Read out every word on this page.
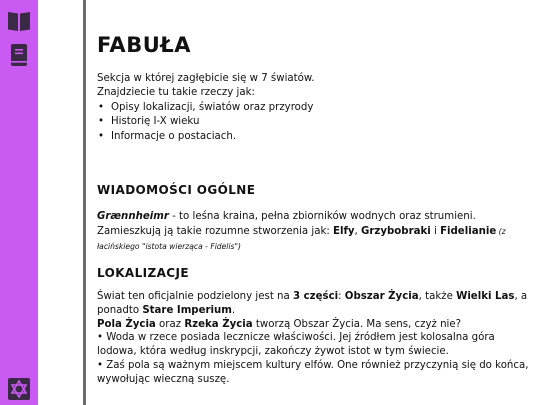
FABUŁA
Sekcja w której zagłębicie się w 7 światów.
Znajdziecie tu takie rzeczy jak:
• Opisy lokalizacji, światów oraz przyrody
• Historię I-X wieku
• Informacje o postaciach.
WIADOMOŚCI OGÓLNE
Grænnheimr - to leśna kraina, pełna zbiorników wodnych oraz strumieni. Zamieszkują ją takie rozumne stworzenia jak: Elfy, Grzybobraki i Fidelianie (z łacińskiego "istota wierząca - Fidelis")
LOKALIZACJE
Świat ten oficjalnie podzielony jest na 3 części: Obszar Życia, także Wielki Las, a ponadto Stare Imperium.
Pola Życia oraz Rzeka Życia tworzą Obszar Życia. Ma sens, czyż nie?
• Woda w rzece posiada lecznicze właściwości. Jej źródłem jest kolosalna góra lodowa, która według inskrypcji, zakończy żywot istot w tym świecie.
• Zaś pola są ważnym miejscem kultury elfów. One również przyczynią się do końca, wywołując wieczną suszę.
